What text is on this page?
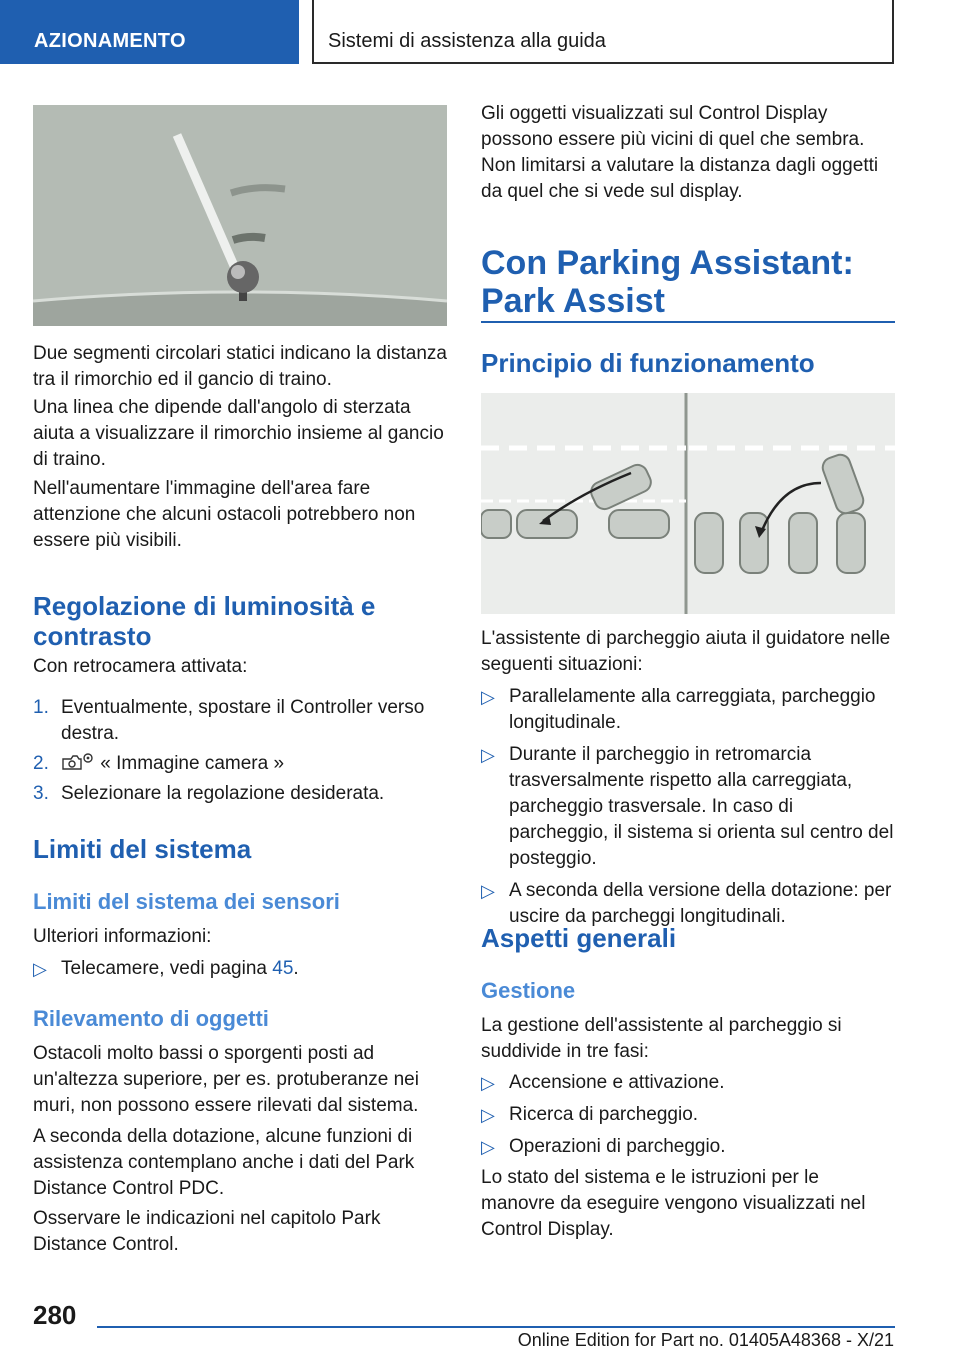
AZIONAMENTO	Sistemi di assistenza alla guida

Due segmenti circolari statici indicano la distanza tra il rimorchio ed il gancio di traino.

Una linea che dipende dall'angolo di sterzata aiuta a visualizzare il rimorchio insieme al gancio di traino.

Nell'aumentare l'immagine dell'area fare attenzione che alcuni ostacoli potrebbero non essere più visibili.

Regolazione di luminosità e contrasto

Con retrocamera attivata:

1. Eventualmente, spostare il Controller verso destra.
2.	« Immagine camera »
3. Selezionare la regolazione desiderata.
Limiti del sistema
Limiti del sistema dei sensori

Ulteriori informazioni:

▷ Telecamere, vedi pagina 45.
Rilevamento di oggetti

Ostacoli molto bassi o sporgenti posti ad un'altezza superiore, per es. protuberanze nei muri, non possono essere rilevati dal sistema.

A seconda della dotazione, alcune funzioni di assistenza contemplano anche i dati del Park Distance Control PDC.

Osservare le indicazioni nel capitolo Park Distance Control.

Gli oggetti visualizzati sul Control Display possono essere più vicini di quel che sembra. Non limitarsi a valutare la distanza dagli oggetti da quel che si vede sul display.

Con Parking Assistant: Park Assist
Principio di funzionamento

L'assistente di parcheggio aiuta il guidatore nelle seguenti situazioni:

▷ Parallelamente alla carreggiata, parcheggio longitudinale.
▷ Durante il parcheggio in retromarcia trasversalmente rispetto alla carreggiata, parcheggio trasversale. In caso di parcheggio, il sistema si orienta sul centro del posteggio.
▷ A seconda della versione della dotazione: per uscire da parcheggi longitudinali.
Aspetti generali
Gestione

La gestione dell'assistente al parcheggio si suddivide in tre fasi:

▷ Accensione e attivazione.
▷ Ricerca di parcheggio.
▷ Operazioni di parcheggio.

Lo stato del sistema e le istruzioni per le manovre da eseguire vengono visualizzati nel Control Display.

280
Online Edition for Part no. 01405A48368 - X/21
